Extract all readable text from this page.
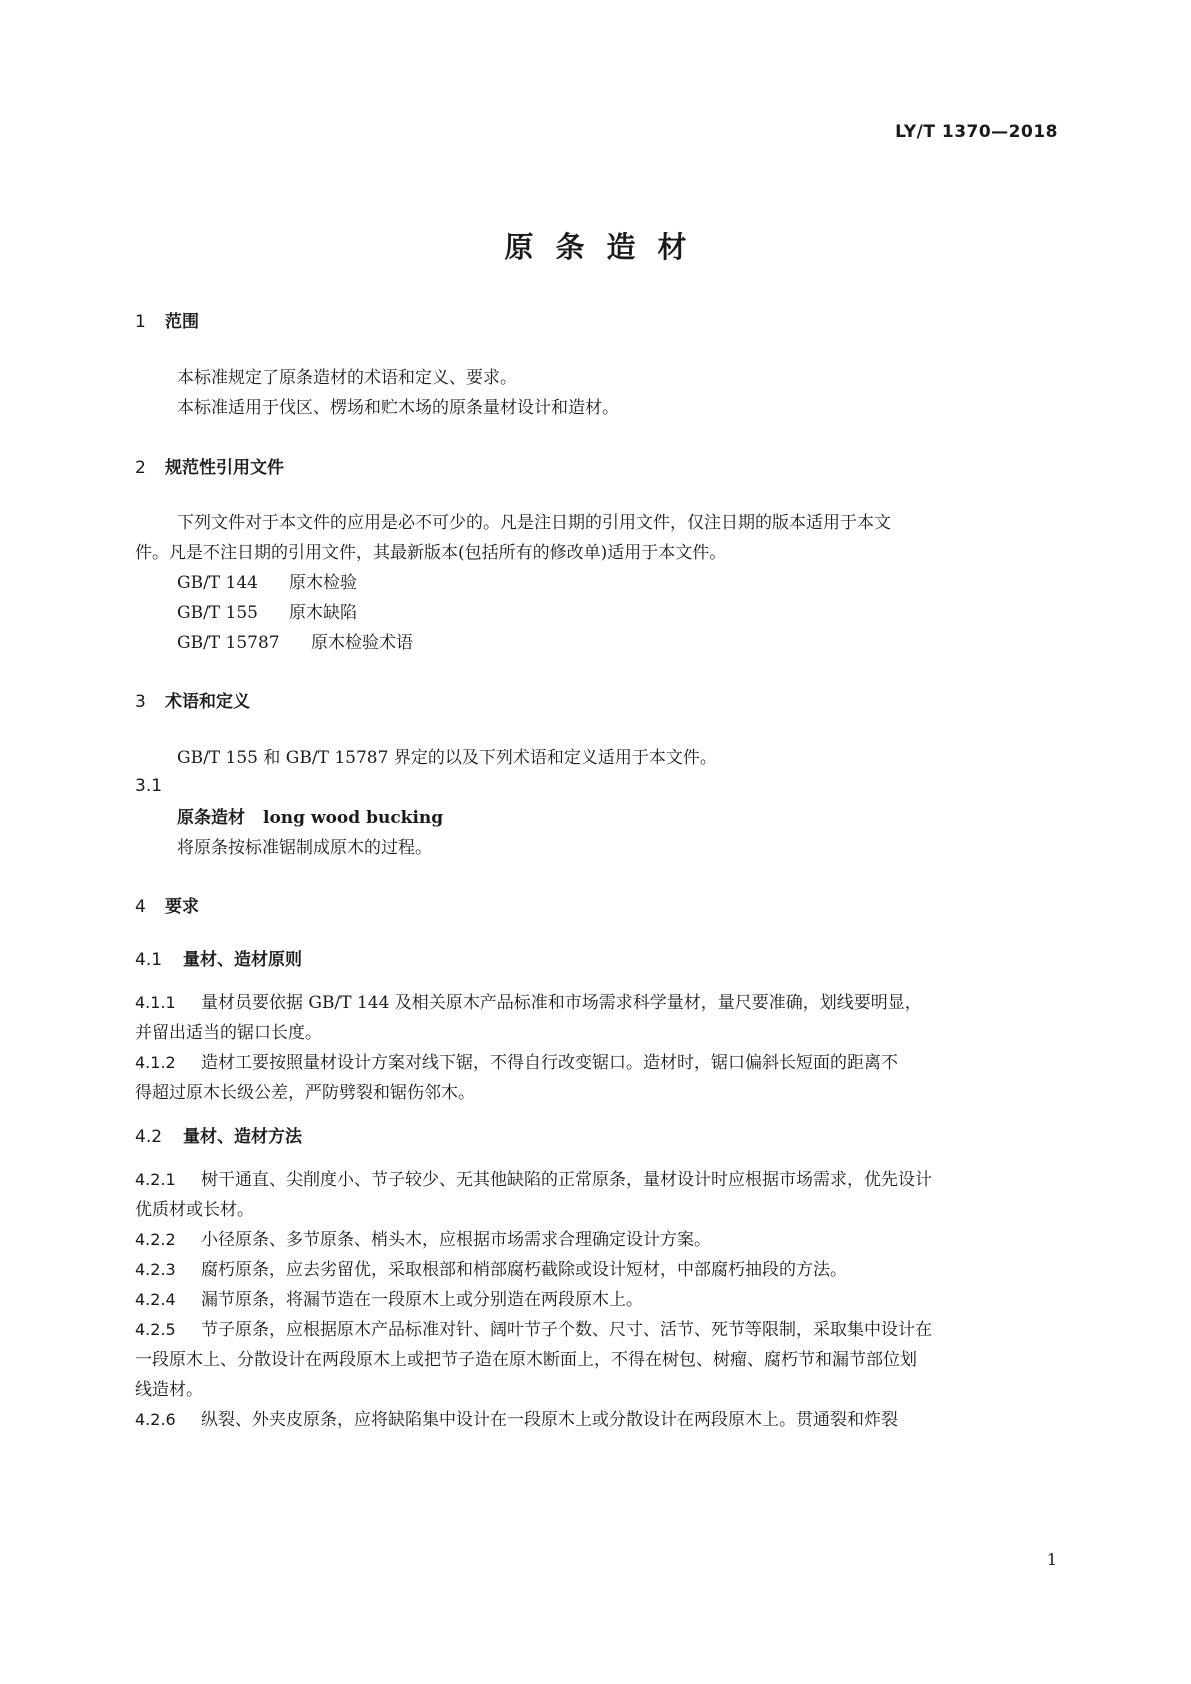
LY/T 1370—2018
原条造材
1 范围
本标准规定了原条造材的术语和定义、要求。
本标准适用于伐区、楞场和贮木场的原条量材设计和造材。
2 规范性引用文件
下列文件对于本文件的应用是必不可少的。凡是注日期的引用文件，仅注日期的版本适用于本文
件。凡是不注日期的引用文件，其最新版本(包括所有的修改单)适用于本文件。
GB/T 144 原木检验
GB/T 155 原木缺陷
GB/T 15787 原木检验术语
3 术语和定义
GB/T 155 和 GB/T 15787 界定的以及下列术语和定义适用于本文件。
3.1
原条造材 long wood bucking
将原条按标准锯制成原木的过程。
4 要求
4.1 量材、造材原则
4.1.1 量材员要依据 GB/T 144 及相关原木产品标准和市场需求科学量材，量尺要准确，划线要明显，
并留出适当的锯口长度。
4.1.2 造材工要按照量材设计方案对线下锯，不得自行改变锯口。造材时，锯口偏斜长短面的距离不
得超过原木长级公差，严防劈裂和锯伤邻木。
4.2 量材、造材方法
4.2.1 树干通直、尖削度小、节子较少、无其他缺陷的正常原条，量材设计时应根据市场需求，优先设计
优质材或长材。
4.2.2 小径原条、多节原条、梢头木，应根据市场需求合理确定设计方案。
4.2.3 腐朽原条，应去劣留优，采取根部和梢部腐朽截除或设计短材，中部腐朽抽段的方法。
4.2.4 漏节原条，将漏节造在一段原木上或分别造在两段原木上。
4.2.5 节子原条，应根据原木产品标准对针、阔叶节子个数、尺寸、活节、死节等限制，采取集中设计在
一段原木上、分散设计在两段原木上或把节子造在原木断面上，不得在树包、树瘤、腐朽节和漏节部位划
线造材。
4.2.6 纵裂、外夹皮原条，应将缺陷集中设计在一段原木上或分散设计在两段原木上。贯通裂和炸裂
1
